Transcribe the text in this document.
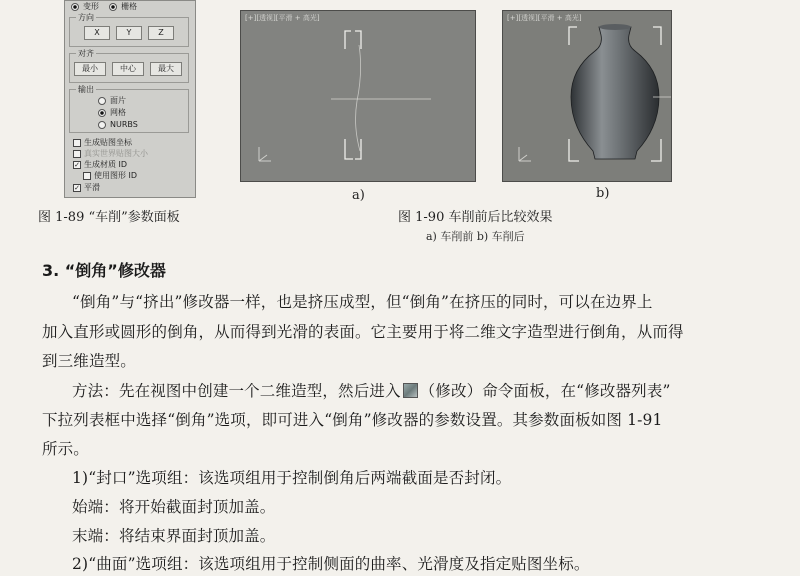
变形	栅格
方向
X	Y	Z
对齐
最小	中心	最大
输出
面片
网格
NURBS
生成贴图坐标
真实世界贴图大小
✓ 生成材质 ID
使用图形 ID
✓ 平滑
图 1-89 “车削”参数面板
[+][透视][平滑 + 高光]
a)
[+][透视][平滑 + 高光]
b)
图 1-90 车削前后比较效果
a) 车削前 b) 车削后
3. “倒角”修改器
“倒角”与“挤出”修改器一样，也是挤压成型，但“倒角”在挤压的同时，可以在边界上
加入直形或圆形的倒角，从而得到光滑的表面。它主要用于将二维文字造型进行倒角，从而得
到三维造型。
方法：先在视图中创建一个二维造型，然后进入 （修改）命令面板，在“修改器列表”
下拉列表框中选择“倒角”选项，即可进入“倒角”修改器的参数设置。其参数面板如图 1-91
所示。
1)“封口”选项组：该选项组用于控制倒角后两端截面是否封闭。
始端：将开始截面封顶加盖。
末端：将结束界面封顶加盖。
2)“曲面”选项组：该选项组用于控制侧面的曲率、光滑度及指定贴图坐标。
